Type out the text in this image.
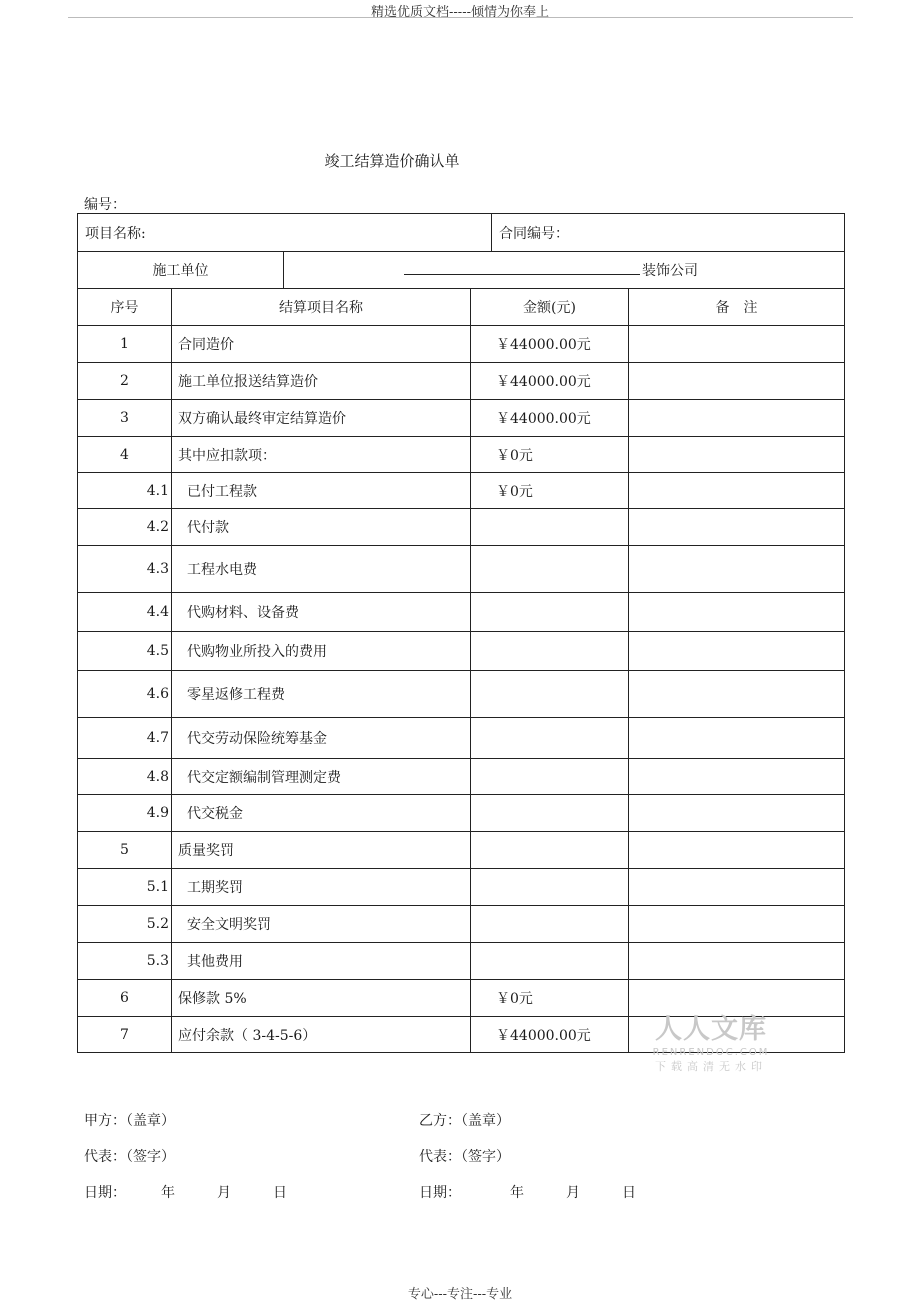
精选优质文档-----倾情为你奉上
竣工结算造价确认单
编号：
项目名称:				合同编号：	
施工单位		装饰公司			
序号	结算项目名称		金额(元)		备　注
1	合同造价		￥44000.00元		
2	施工单位报送结算造价		￥44000.00元		
3	双方确认最终审定结算造价		￥44000.00元		
4	其中应扣款项：		￥0元		
4.1	已付工程款		￥0元		
4.2	代付款				
4.3	工程水电费				
4.4	代购材料、设备费				
4.5	代购物业所投入的费用				
4.6	零星返修工程费				
4.7	代交劳动保险统筹基金				
4.8	代交定额编制管理测定费				
4.9	代交税金				
5	质量奖罚				
5.1	工期奖罚				
5.2	安全文明奖罚				
5.3	其他费用				
6	保修款 5%		￥0元		
7	应付余款（ 3-4-5-6）		￥44000.00元			人人文库
RENRENDOC.COM
下载高清无水印
甲方：（盖章）	乙方：（盖章）
代表：（签字）	代表：（签字）
日期：　　　年　　　月　　　日	日期：　　　　年　　　月　　　日
专心---专注---专业
